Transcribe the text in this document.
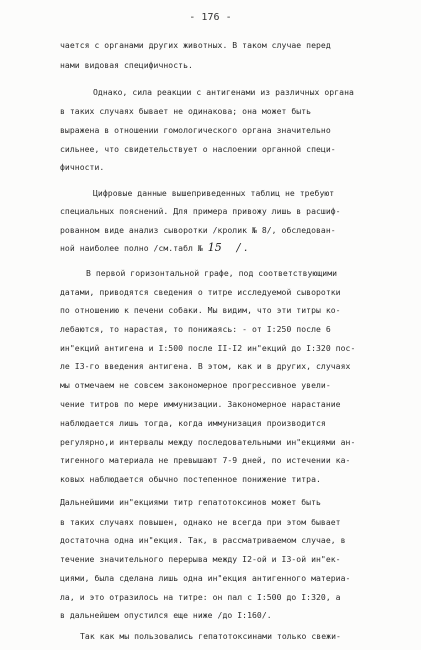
- 176 -
чается с органами других животных. В таком случае перед
нами видовая специфичность.
Однако, сила реакции с антигенами из различных органа
в таких случаях бывает не одинакова; она может быть
выражена в отношении гомологического органа значительно
сильнее, что свидетельствует о наслоении органной специ-
фичности.
Цифровые данные вышеприведенных таблиц не требуют
специальных пояснений. Для примера привожу лишь в расшиф-
рованном виде анализ сыворотки /кролик № 8/, обследован-
ной наиболее полно /см.табл № 15 / .
В первой горизонтальной графе, под соответствующими
датами, приводятся сведения о титре исследуемой сыворотки
по отношению к печени собаки. Мы видим, что эти титры ко-
лебаются, то нарастая, то понижаясь: - от I:250 после 6
ин"екций антигена и I:500 после II-I2 ин"екций до I:320 пос-
ле I3-го введения антигена. В этом, как и в других, случаях
мы отмечаем не совсем закономерное прогрессивное увели-
чение титров по мере иммунизации. Закономерное нарастание
наблюдается лишь тогда, когда иммунизация производится
регулярно,и интервалы между последовательными ин"екциями ан-
тигенного материала не превышают 7-9 дней, по истечении ка-
ковых наблюдается обычно постепенное понижение титра.
Дальнейшими ин"екциями титр гепатотоксинов может быть
в таких случаях повышен, однако не всегда при этом бывает
достаточна одна ин"екция. Так, в рассматриваемом случае, в
течение значительного перерыва между I2-ой и I3-ой ин"ек-
циями, была сделана лишь одна ин"екция антигенного материа-
ла, и это отразилось на титре: он пал с I:500 до I:320, а
в дальнейшем опустился еще ниже /до I:160/.
Так как мы пользовались гепатотоксинами только свежи-
